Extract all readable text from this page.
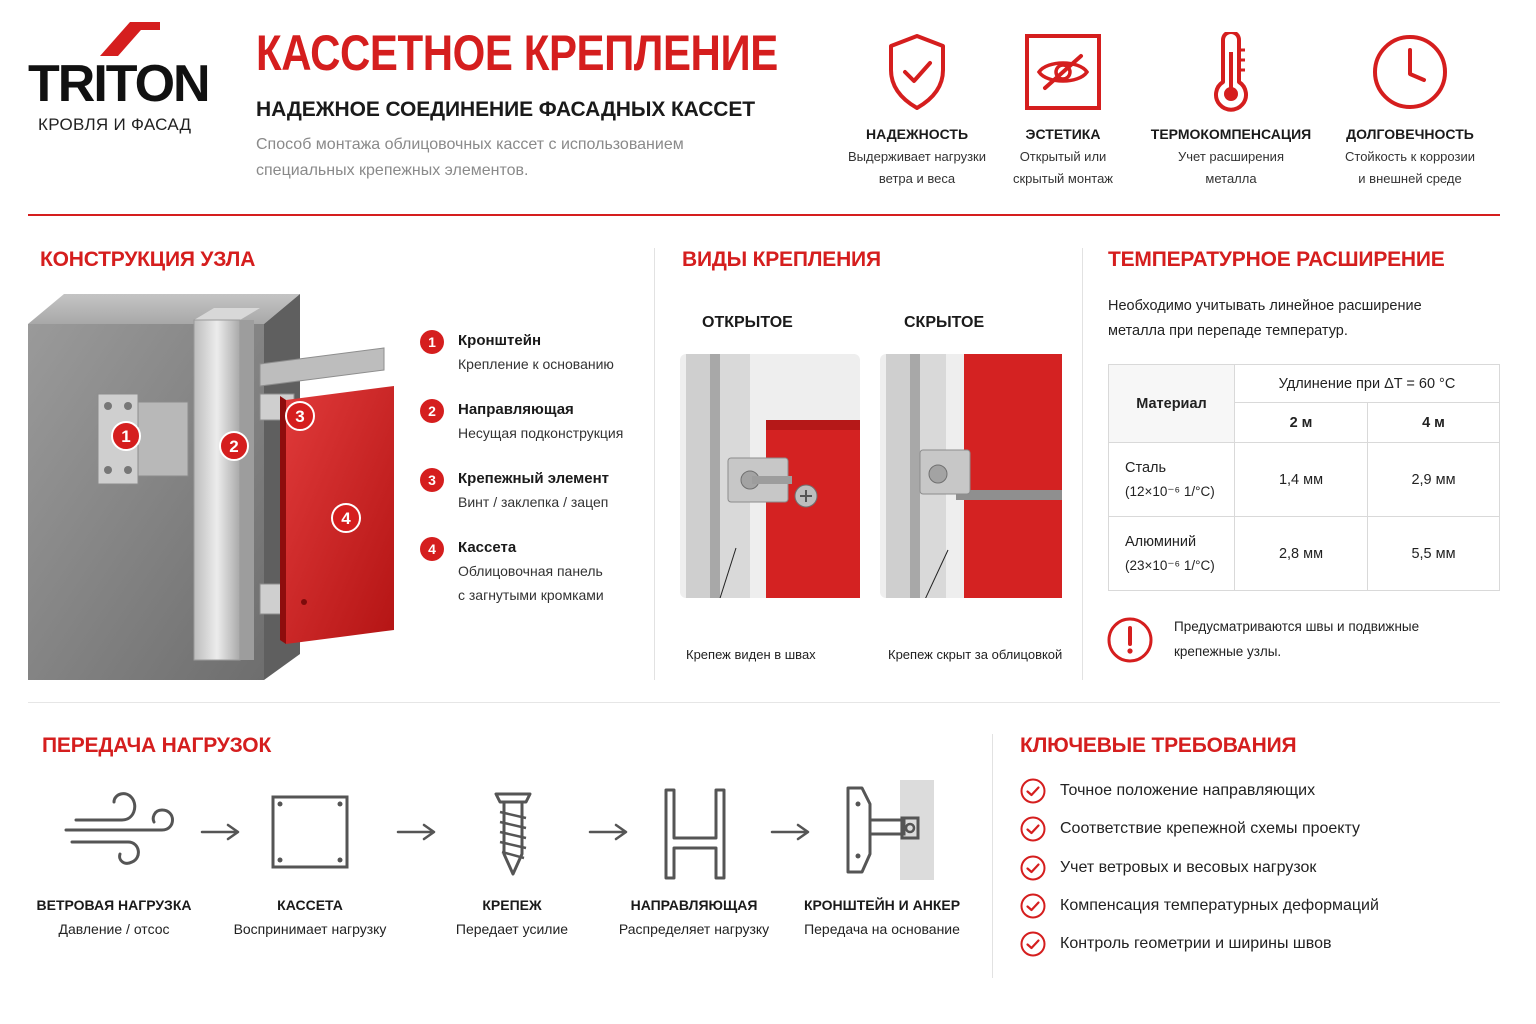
TRITON
КРОВЛЯ И ФАСАД
КАССЕТНОЕ КРЕПЛЕНИЕ
НАДЕЖНОЕ СОЕДИНЕНИЕ ФАСАДНЫХ КАССЕТ
Способ монтажа облицовочных кассет с использованием специальных крепежных элементов.
НАДЕЖНОСТЬ
Выдерживает нагрузки
ветра и веса
ЭСТЕТИКА
Открытый или
скрытый монтаж
ТЕРМОКОМПЕНСАЦИЯ
Учет расширения
металла
ДОЛГОВЕЧНОСТЬ
Стойкость к коррозии
и внешней среде
КОНСТРУКЦИЯ УЗЛА
1
2
3
4
1	Кронштейн
Крепление к основанию
2	Направляющая
Несущая подконструкция
3	Крепежный элемент
Винт / заклепка / зацеп
4	Кассета
Облицовочная панель
с загнутыми кромками
ВИДЫ КРЕПЛЕНИЯ
ОТКРЫТОЕ	СКРЫТОЕ
Крепеж виден в швах	Крепеж скрыт за облицовкой
ТЕМПЕРАТУРНОЕ РАСШИРЕНИЕ
Необходимо учитывать линейное расширение
металла при перепаде температур.
Материал	Удлинение при ΔT = 60 °C	
	2 м	4 м
Сталь
(12×10⁻⁶ 1/°C)	1,4 мм	2,9 мм
Алюминий
(23×10⁻⁶ 1/°C)	2,8 мм	5,5 мм
Предусматриваются швы и подвижные
крепежные узлы.
ПЕРЕДАЧА НАГРУЗОК
ВЕТРОВАЯ НАГРУЗКА
Давление / отсос
КАССЕТА
Воспринимает нагрузку
КРЕПЕЖ
Передает усилие
НАПРАВЛЯЮЩАЯ
Распределяет нагрузку
КРОНШТЕЙН И АНКЕР
Передача на основание
КЛЮЧЕВЫЕ ТРЕБОВАНИЯ
Точное положение направляющих
Соответствие крепежной схемы проекту
Учет ветровых и весовых нагрузок
Компенсация температурных деформаций
Контроль геометрии и ширины швов
